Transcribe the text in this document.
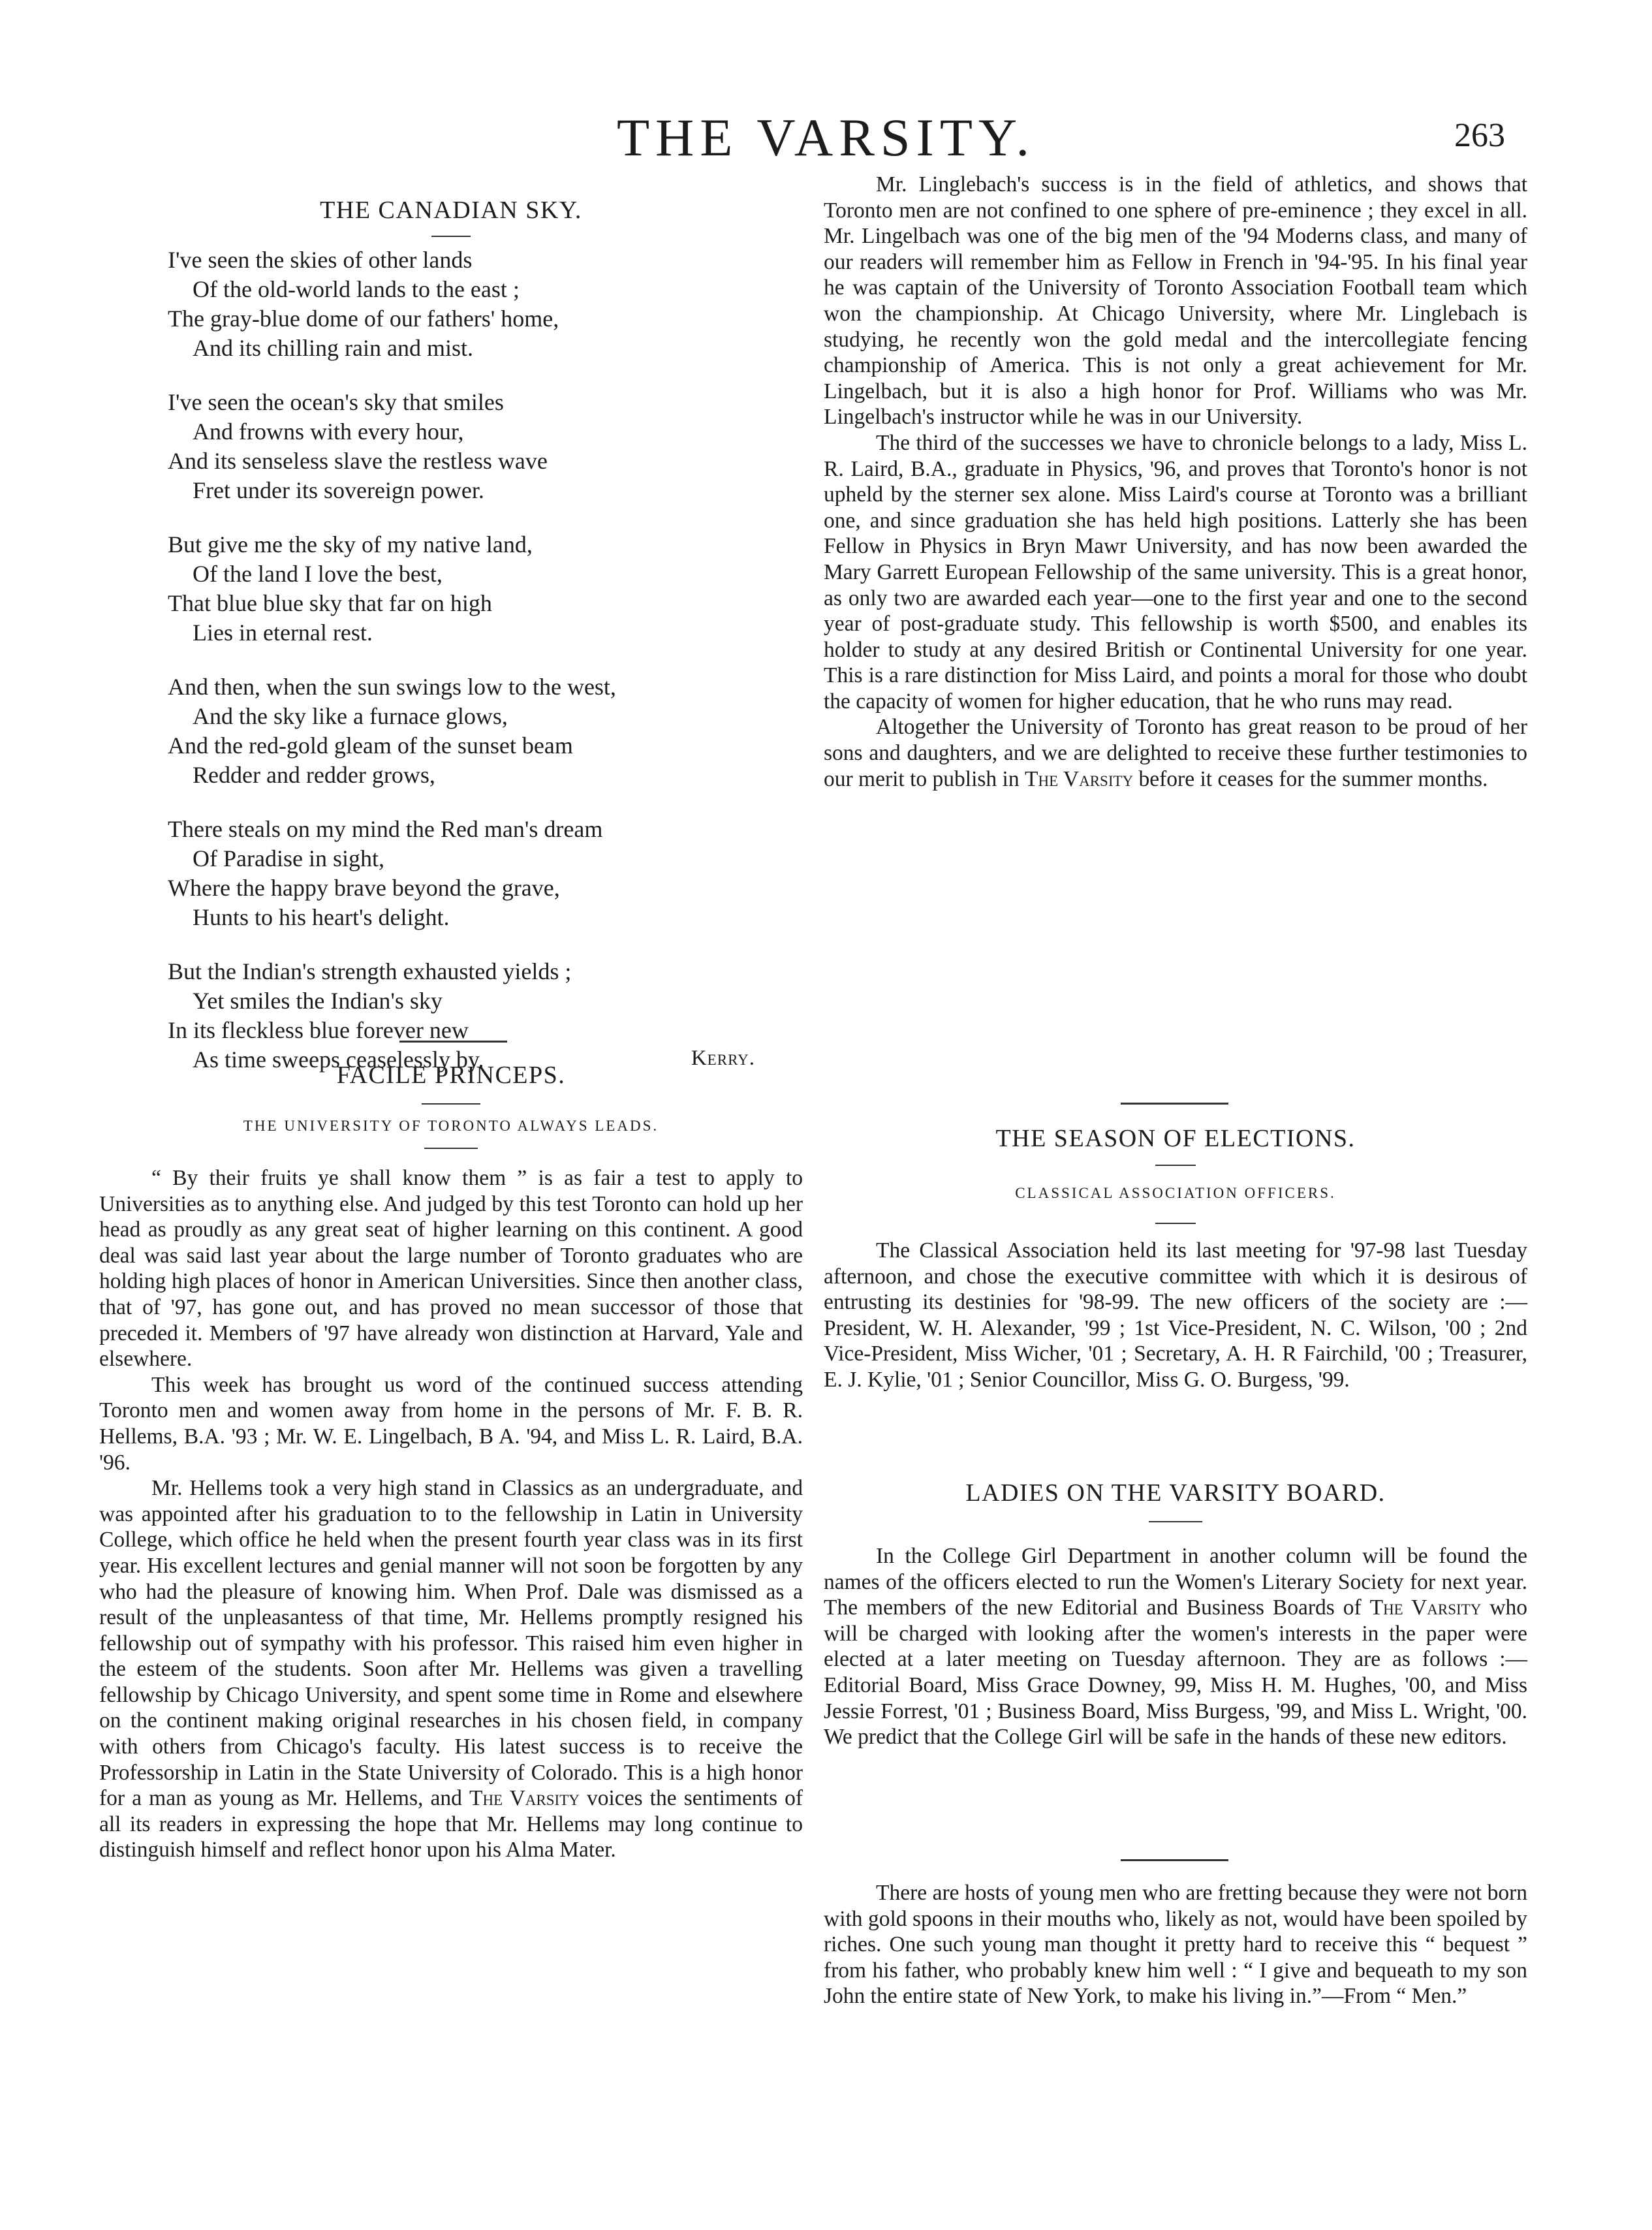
THE VARSITY.	263
THE CANADIAN SKY.
I've seen the skies of other lands
Of the old-world lands to the east ;
The gray-blue dome of our fathers' home,
And its chilling rain and mist.
I've seen the ocean's sky that smiles
And frowns with every hour,
And its senseless slave the restless wave
Fret under its sovereign power.
But give me the sky of my native land,
Of the land I love the best,
That blue blue sky that far on high
Lies in eternal rest.
And then, when the sun swings low to the west,
And the sky like a furnace glows,
And the red-gold gleam of the sunset beam
Redder and redder grows,
There steals on my mind the Red man's dream
Of Paradise in sight,
Where the happy brave beyond the grave,
Hunts to his heart's delight.
But the Indian's strength exhausted yields ;
Yet smiles the Indian's sky
In its fleckless blue forever new
As time sweeps ceaselessly by.	Kerry.
FACILE PRINCEPS.
THE UNIVERSITY OF TORONTO ALWAYS LEADS.

“ By their fruits ye shall know them ” is as fair a test to apply to Universities as to anything else. And judged by this test Toronto can hold up her head as proudly as any great seat of higher learning on this continent. A good deal was said last year about the large number of Toronto graduates who are holding high places of honor in American Universities. Since then another class, that of '97, has gone out, and has proved no mean successor of those that preceded it. Members of '97 have already won distinction at Harvard, Yale and elsewhere.

This week has brought us word of the continued success attending Toronto men and women away from home in the persons of Mr. F. B. R. Hellems, B.A. '93 ; Mr. W. E. Lingelbach, B A. '94, and Miss L. R. Laird, B.A. '96.

Mr. Hellems took a very high stand in Classics as an undergraduate, and was appointed after his graduation to to the fellowship in Latin in University College, which office he held when the present fourth year class was in its first year. His excellent lectures and genial manner will not soon be forgotten by any who had the pleasure of knowing him. When Prof. Dale was dismissed as a result of the unpleasantess of that time, Mr. Hellems promptly resigned his fellowship out of sympathy with his professor. This raised him even higher in the esteem of the students. Soon after Mr. Hellems was given a travelling fellowship by Chicago University, and spent some time in Rome and elsewhere on the continent making original researches in his chosen field, in company with others from Chicago's faculty. His latest success is to receive the Professorship in Latin in the State University of Colorado. This is a high honor for a man as young as Mr. Hellems, and The Varsity voices the sentiments of all its readers in expressing the hope that Mr. Hellems may long continue to distinguish himself and reflect honor upon his Alma Mater.

Mr. Linglebach's success is in the field of athletics, and shows that Toronto men are not confined to one sphere of pre-eminence ; they excel in all. Mr. Lingelbach was one of the big men of the '94 Moderns class, and many of our readers will remember him as Fellow in French in '94-'95. In his final year he was captain of the University of Toronto Association Football team which won the championship. At Chicago University, where Mr. Linglebach is studying, he recently won the gold medal and the intercollegiate fencing championship of America. This is not only a great achievement for Mr. Lingelbach, but it is also a high honor for Prof. Williams who was Mr. Lingelbach's instructor while he was in our University.

The third of the successes we have to chronicle belongs to a lady, Miss L. R. Laird, B.A., graduate in Physics, '96, and proves that Toronto's honor is not upheld by the sterner sex alone. Miss Laird's course at Toronto was a brilliant one, and since graduation she has held high positions. Latterly she has been Fellow in Physics in Bryn Mawr University, and has now been awarded the Mary Garrett European Fellowship of the same university. This is a great honor, as only two are awarded each year—one to the first year and one to the second year of post-graduate study. This fellowship is worth $500, and enables its holder to study at any desired British or Continental University for one year. This is a rare distinction for Miss Laird, and points a moral for those who doubt the capacity of women for higher education, that he who runs may read.

Altogether the University of Toronto has great reason to be proud of her sons and daughters, and we are delighted to receive these further testimonies to our merit to publish in The Varsity before it ceases for the summer months.

THE SEASON OF ELECTIONS.
CLASSICAL ASSOCIATION OFFICERS.

The Classical Association held its last meeting for '97-98 last Tuesday afternoon, and chose the executive committee with which it is desirous of entrusting its destinies for '98-99. The new officers of the society are :—President, W. H. Alexander, '99 ; 1st Vice-President, N. C. Wilson, '00 ; 2nd Vice-President, Miss Wicher, '01 ; Secretary, A. H. R Fairchild, '00 ; Treasurer, E. J. Kylie, '01 ; Senior Councillor, Miss G. O. Burgess, '99.

LADIES ON THE VARSITY BOARD.

In the College Girl Department in another column will be found the names of the officers elected to run the Women's Literary Society for next year. The members of the new Editorial and Business Boards of The Varsity who will be charged with looking after the women's interests in the paper were elected at a later meeting on Tuesday afternoon. They are as follows :—Editorial Board, Miss Grace Downey, 99, Miss H. M. Hughes, '00, and Miss Jessie Forrest, '01 ; Business Board, Miss Burgess, '99, and Miss L. Wright, '00. We predict that the College Girl will be safe in the hands of these new editors.

There are hosts of young men who are fretting because they were not born with gold spoons in their mouths who, likely as not, would have been spoiled by riches. One such young man thought it pretty hard to receive this “ bequest ” from his father, who probably knew him well : “ I give and bequeath to my son John the entire state of New York, to make his living in.”—From “ Men.”
